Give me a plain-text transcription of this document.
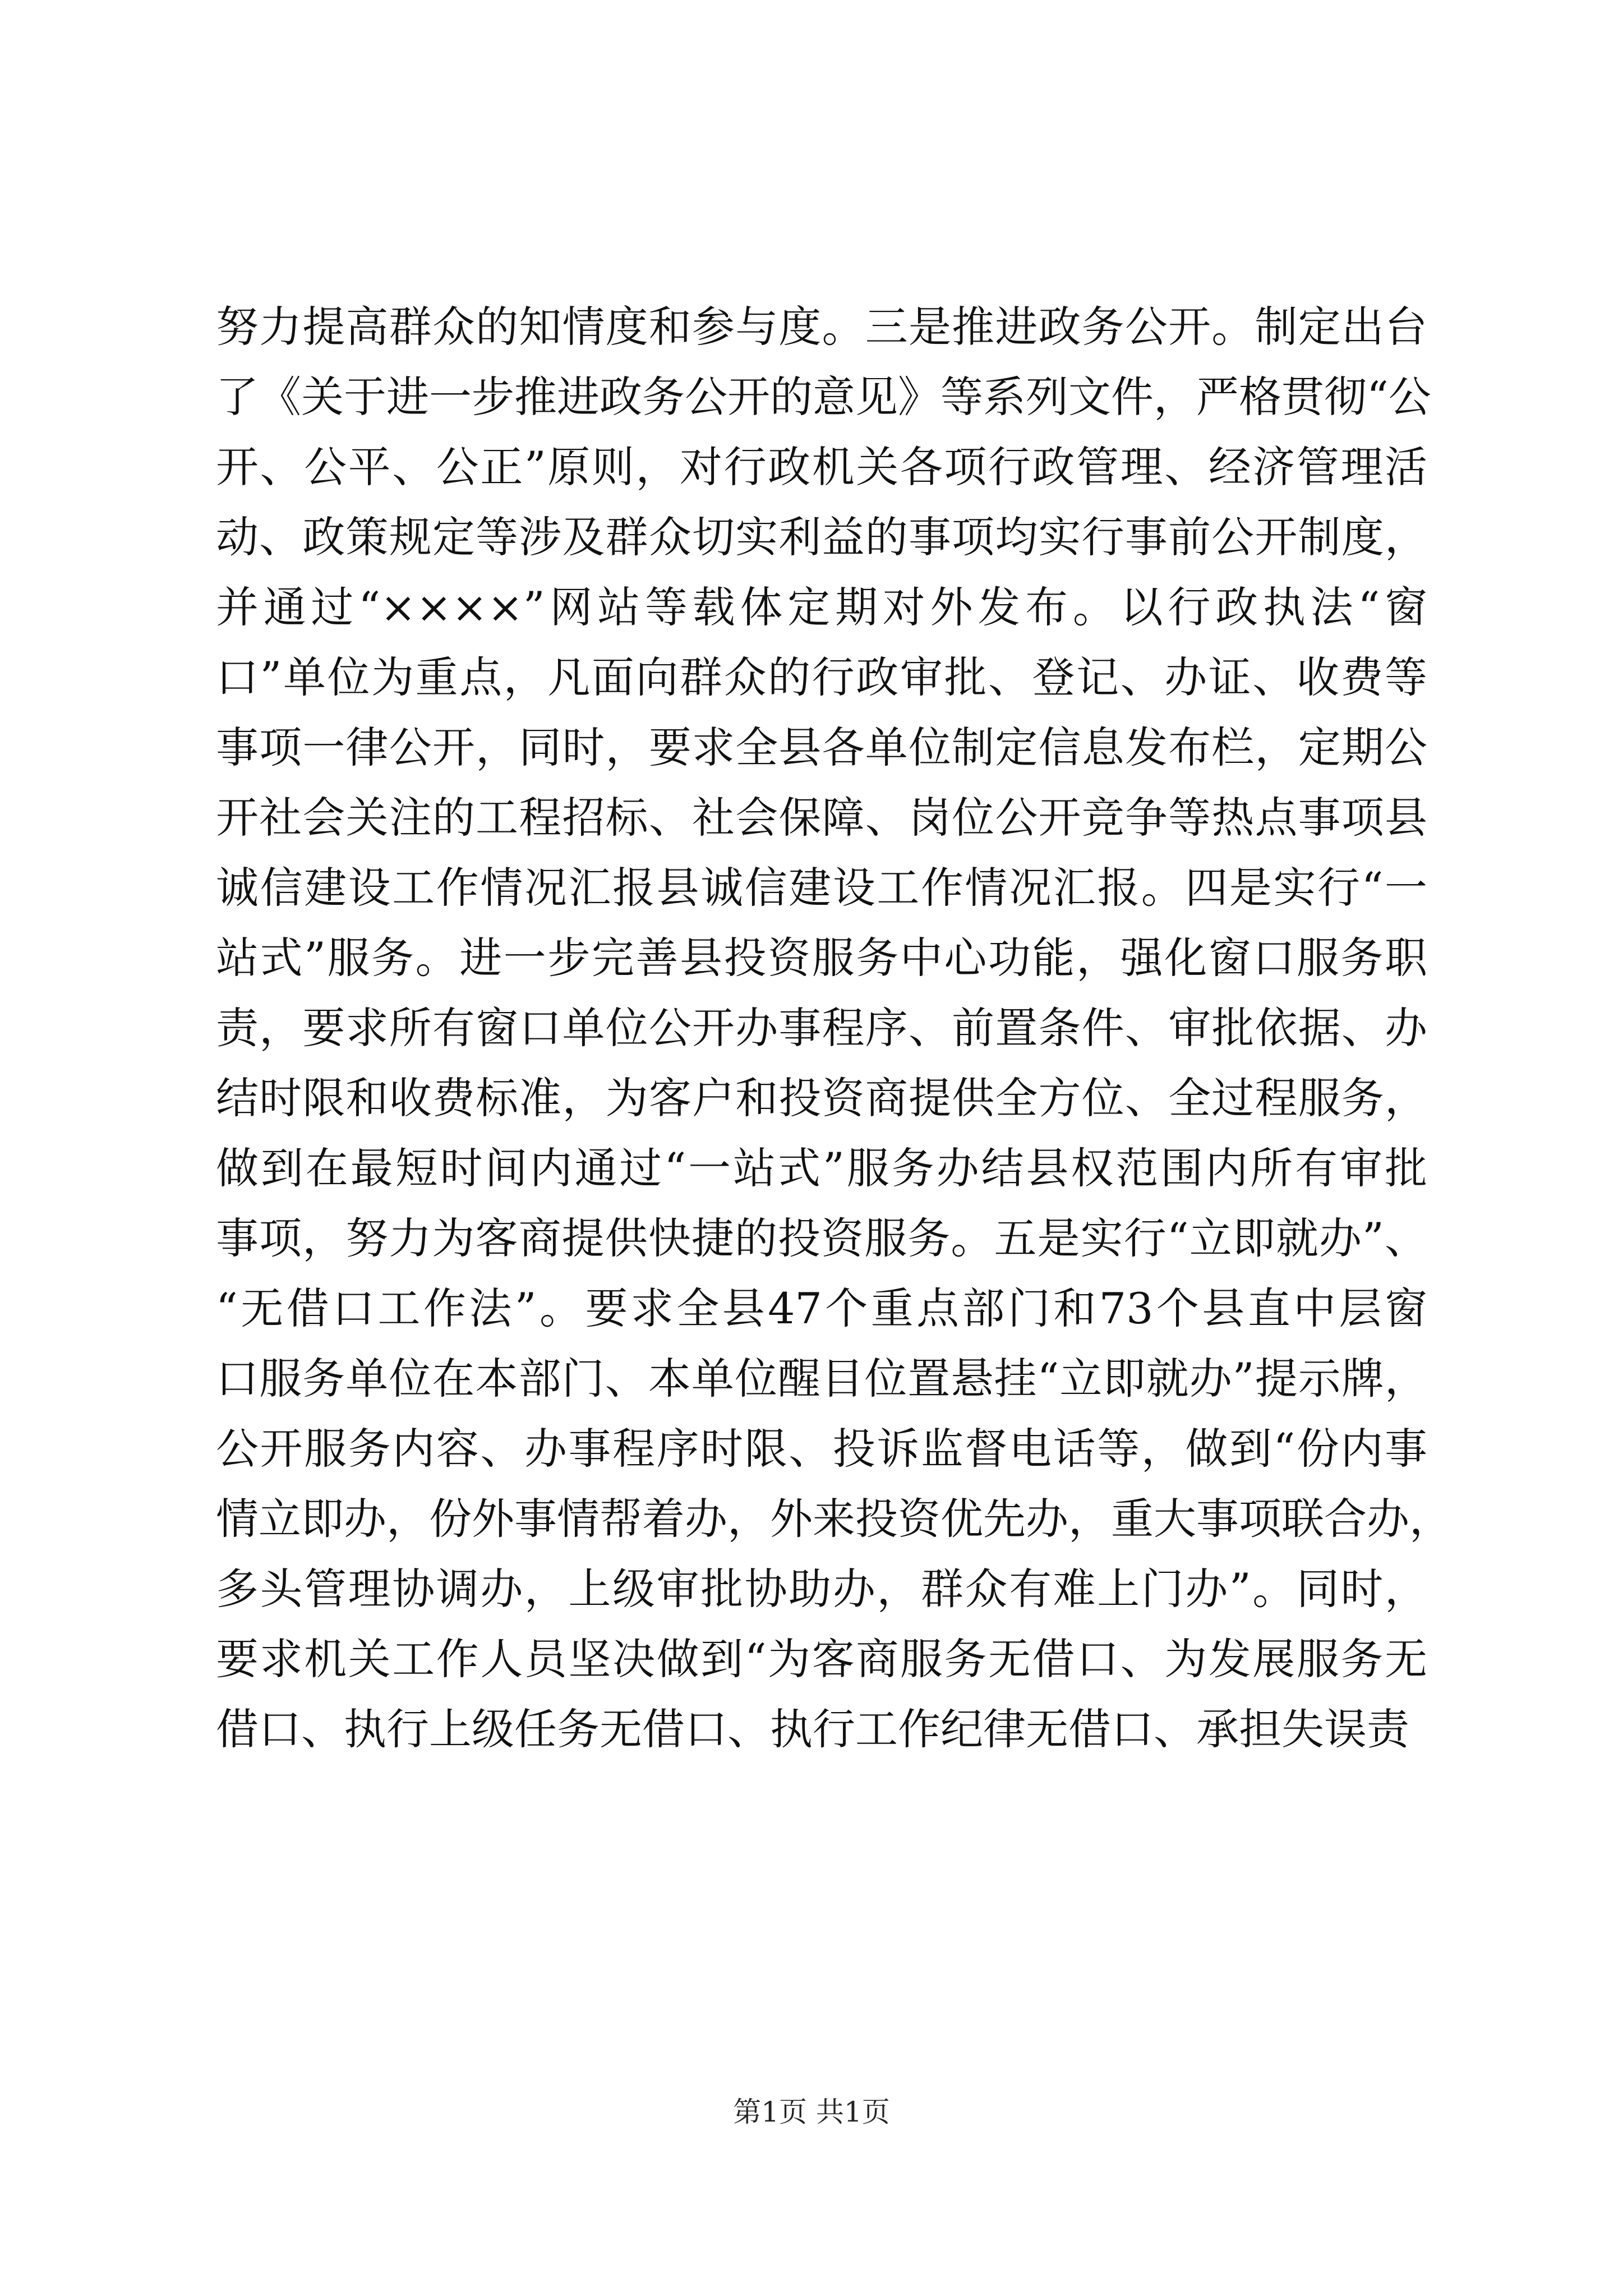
努力提高群众的知情度和参与度。三是推进政务公开。制定出台
了《关于进一步推进政务公开的意见》等系列文件，严格贯彻“公
开、公平、公正”原则，对行政机关各项行政管理、经济管理活
动、政策规定等涉及群众切实利益的事项均实行事前公开制度，
并通过“××××”网站等载体定期对外发布。以行政执法“窗
口”单位为重点，凡面向群众的行政审批、登记、办证、收费等
事项一律公开，同时，要求全县各单位制定信息发布栏，定期公
开社会关注的工程招标、社会保障、岗位公开竞争等热点事项县
诚信建设工作情况汇报县诚信建设工作情况汇报。四是实行“一
站式”服务。进一步完善县投资服务中心功能，强化窗口服务职
责，要求所有窗口单位公开办事程序、前置条件、审批依据、办
结时限和收费标准，为客户和投资商提供全方位、全过程服务，
做到在最短时间内通过“一站式”服务办结县权范围内所有审批
事项，努力为客商提供快捷的投资服务。五是实行“立即就办”、
“无借口工作法”。要求全县47个重点部门和73个县直中层窗
口服务单位在本部门、本单位醒目位置悬挂“立即就办”提示牌，
公开服务内容、办事程序时限、投诉监督电话等，做到“份内事
情立即办，份外事情帮着办，外来投资优先办，重大事项联合办，
多头管理协调办，上级审批协助办，群众有难上门办”。同时，
要求机关工作人员坚决做到“为客商服务无借口、为发展服务无
借口、执行上级任务无借口、执行工作纪律无借口、承担失误责
第1页 共1页
